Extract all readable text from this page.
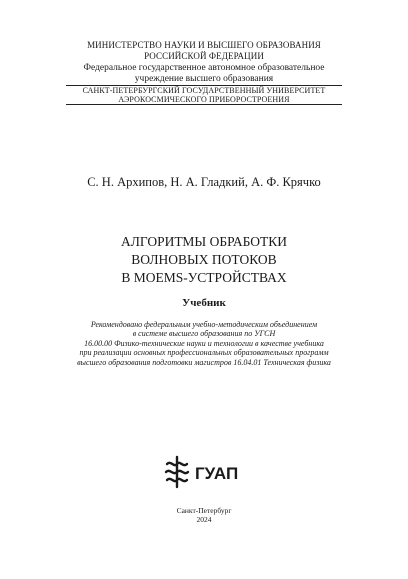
МИНИСТЕРСТВО НАУКИ И ВЫСШЕГО ОБРАЗОВАНИЯ
РОССИЙСКОЙ ФЕДЕРАЦИИ
Федеральное государственное автономное образовательное
учреждение высшего образования
САНКТ-ПЕТЕРБУРГСКИЙ ГОСУДАРСТВЕННЫЙ УНИВЕРСИТЕТ
АЭРОКОСМИЧЕСКОГО ПРИБОРОСТРОЕНИЯ
С. Н. Архипов, Н. А. Гладкий, А. Ф. Крячко
АЛГОРИТМЫ ОБРАБОТКИ
ВОЛНОВЫХ ПОТОКОВ
В MOEMS-УСТРОЙСТВАХ
Учебник
Рекомендовано федеральным учебно-методическим объединением
в системе высшего образования по УГСН
16.00.00 Физико-технические науки и технологии в качестве учебника
при реализации основных профессиональных образовательных программ
высшего образования подготовки магистров 16.04.01 Техническая физика
ГУАП
Санкт-Петербург
2024
